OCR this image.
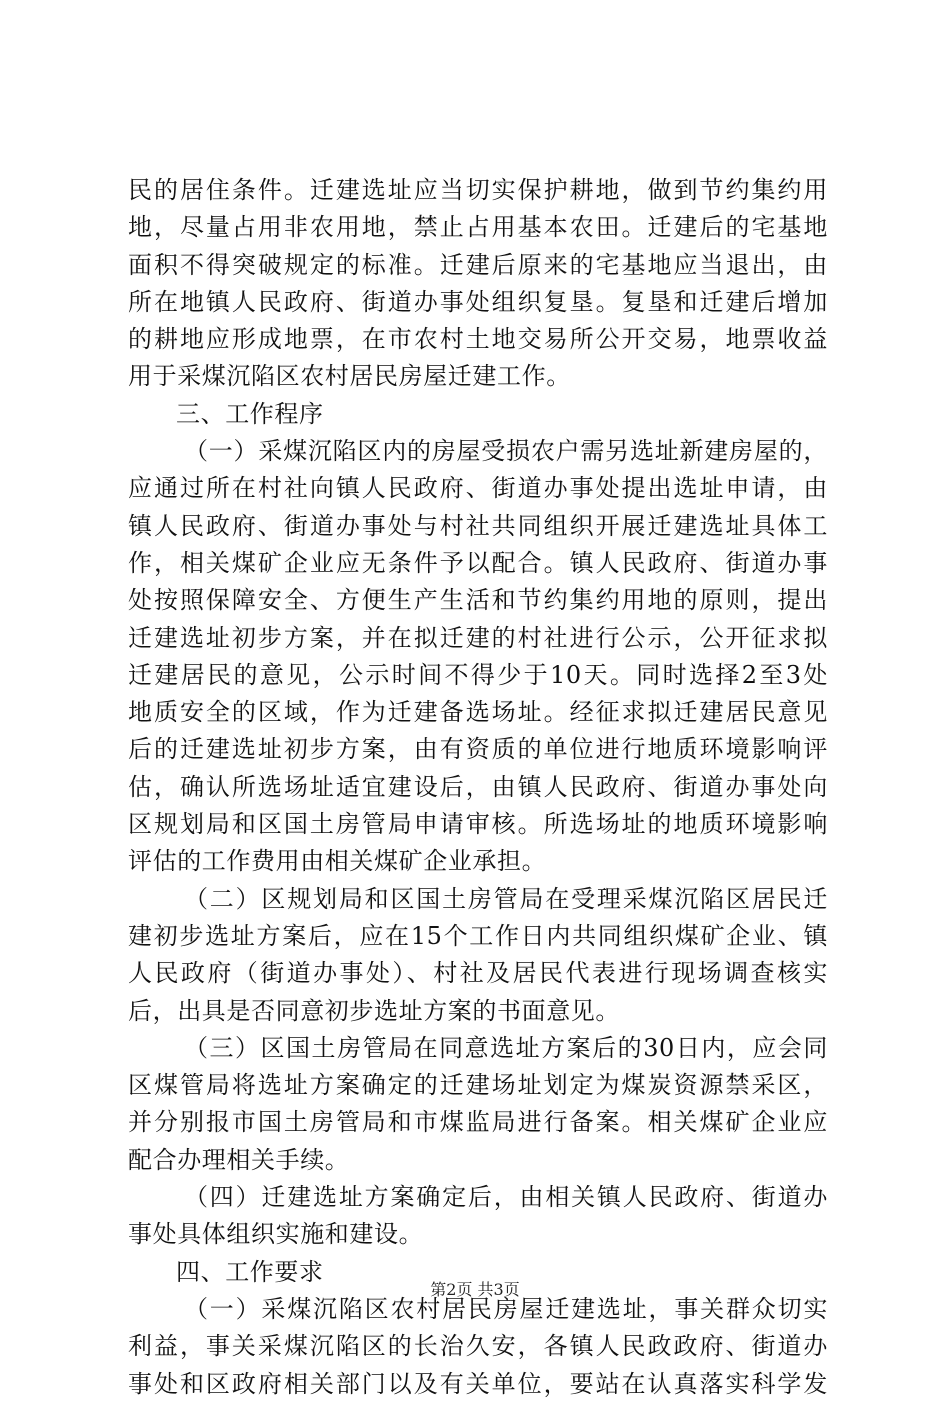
民的居住条件。迁建选址应当切实保护耕地，做到节约集约用
地，尽量占用非农用地，禁止占用基本农田。迁建后的宅基地
面积不得突破规定的标准。迁建后原来的宅基地应当退出，由
所在地镇人民政府、街道办事处组织复垦。复垦和迁建后增加
的耕地应形成地票，在市农村土地交易所公开交易，地票收益
用于采煤沉陷区农村居民房屋迁建工作。
三、工作程序
（一）采煤沉陷区内的房屋受损农户需另选址新建房屋的，
应通过所在村社向镇人民政府、街道办事处提出选址申请，由
镇人民政府、街道办事处与村社共同组织开展迁建选址具体工
作，相关煤矿企业应无条件予以配合。镇人民政府、街道办事
处按照保障安全、方便生产生活和节约集约用地的原则，提出
迁建选址初步方案，并在拟迁建的村社进行公示，公开征求拟
迁建居民的意见，公示时间不得少于10天。同时选择2至3处
地质安全的区域，作为迁建备选场址。经征求拟迁建居民意见
后的迁建选址初步方案，由有资质的单位进行地质环境影响评
估，确认所选场址适宜建设后，由镇人民政府、街道办事处向
区规划局和区国土房管局申请审核。所选场址的地质环境影响
评估的工作费用由相关煤矿企业承担。
（二）区规划局和区国土房管局在受理采煤沉陷区居民迁
建初步选址方案后，应在15个工作日内共同组织煤矿企业、镇
人民政府（街道办事处）、村社及居民代表进行现场调查核实
后，出具是否同意初步选址方案的书面意见。
（三）区国土房管局在同意选址方案后的30日内，应会同
区煤管局将选址方案确定的迁建场址划定为煤炭资源禁采区，
并分别报市国土房管局和市煤监局进行备案。相关煤矿企业应
配合办理相关手续。
（四）迁建选址方案确定后，由相关镇人民政府、街道办
事处具体组织实施和建设。
四、工作要求
（一）采煤沉陷区农村居民房屋迁建选址，事关群众切实
利益，事关采煤沉陷区的长治久安，各镇人民政政府、街道办
事处和区政府相关部门以及有关单位，要站在认真落实科学发
第2页 共3页
